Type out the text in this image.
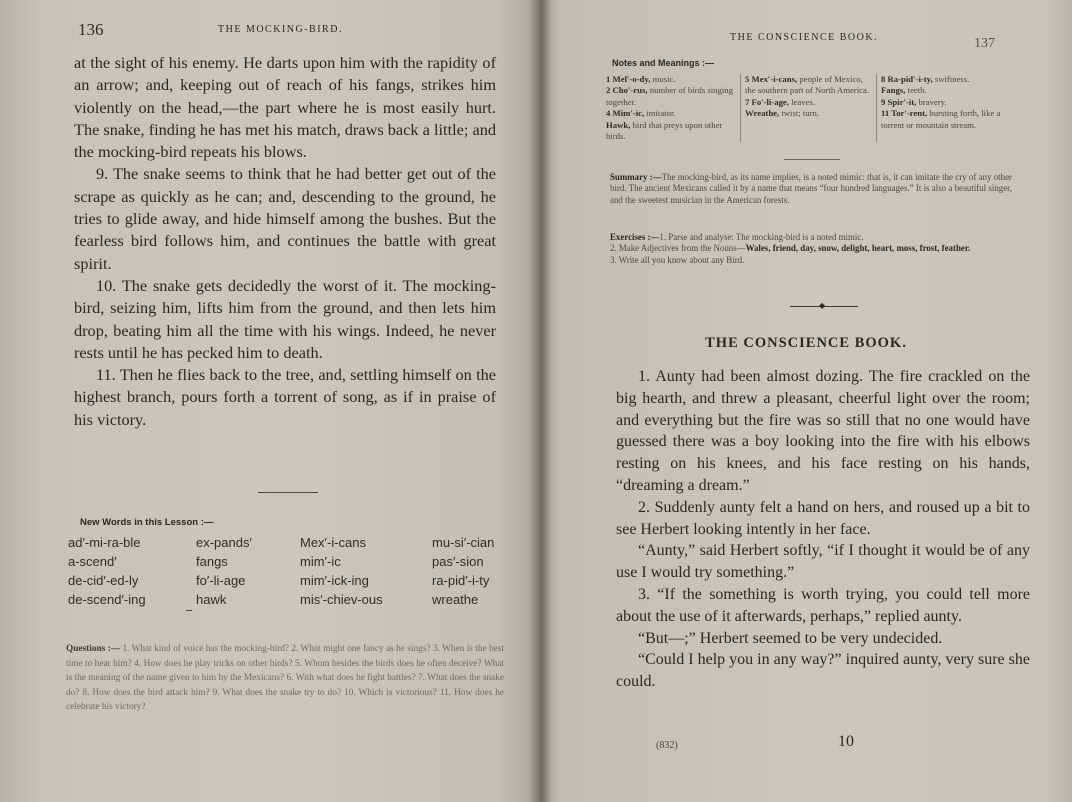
136	THE MOCKING-BIRD.

at the sight of his enemy. He darts upon him with the rapidity of an arrow; and, keeping out of reach of his fangs, strikes him violently on the head,—the part where he is most easily hurt. The snake, finding he has met his match, draws back a little; and the mocking-bird repeats his blows.

9. The snake seems to think that he had better get out of the scrape as quickly as he can; and, descending to the ground, he tries to glide away, and hide himself among the bushes. But the fearless bird follows him, and continues the battle with great spirit.

10. The snake gets decidedly the worst of it. The mocking-bird, seizing him, lifts him from the ground, and then lets him drop, beating him all the time with his wings. Indeed, he never rests until he has pecked him to death.

11. Then he flies back to the tree, and, settling himself on the highest branch, pours forth a torrent of song, as if in praise of his victory.

New Words in this Lesson :—
ad′-mi-ra-ble	ex-pands′	Mex′-i-cans	mu-si′-cian
a-scend′	fangs	mim′-ic	pas′-sion
de-cid′-ed-ly	fo′-li-age	mim′-ick-ing	ra-pid′-i-ty
de-scend′-ing	hawk	mis′-chiev-ous	wreathe
Questions :— 1. What kind of voice has the mocking-bird? 2. What might one fancy as he sings? 3. When is the best time to hear him? 4. How does he play tricks on other birds? 5. Whom besides the birds does he often deceive? What is the meaning of the name given to him by the Mexicans? 6. With what does he fight battles? 7. What does the snake do? 8. How does the bird attack him? 9. What does the snake try to do? 10. Which is victorious? 11. How does he celebrate his victory?
THE CONSCIENCE BOOK.	137
Notes and Meanings :—
1 Mel′-o-dy, music.
2 Cho′-rus, number of birds singing together.
4 Mim′-ic, imitator.
Hawk, bird that preys upon other birds.
5 Mex′-i-cans, people of Mexico, the southern part of North America.
7 Fo′-li-age, leaves.
Wreathe, twist; turn.
8 Ra-pid′-i-ty, swiftness.
Fangs, teeth.
9 Spir′-it, bravery.
11 Tor′-rent, bursting forth, like a torrent or mountain stream.
Summary :—The mocking-bird, as its name implies, is a noted mimic: that is, it can imitate the cry of any other bird. The ancient Mexicans called it by a name that means “four hundred languages.” It is also a beautiful singer, and the sweetest musician in the American forests.
Exercises :—1. Parse and analyse: The mocking-bird is a noted mimic.
2. Make Adjectives from the Nouns—Wales, friend, day, snow, delight, heart, moss, frost, feather.
3. Write all you know about any Bird.
◆
THE CONSCIENCE BOOK.

1. Aunty had been almost dozing. The fire crackled on the big hearth, and threw a pleasant, cheerful light over the room; and everything but the fire was so still that no one would have guessed there was a boy looking into the fire with his elbows resting on his knees, and his face resting on his hands, “dreaming a dream.”

2. Suddenly aunty felt a hand on hers, and roused up a bit to see Herbert looking intently in her face.

“Aunty,” said Herbert softly, “if I thought it would be of any use I would try something.”

3. “If the something is worth trying, you could tell more about the use of it afterwards, perhaps,” replied aunty.

“But—;” Herbert seemed to be very undecided.

“Could I help you in any way?” inquired aunty, very sure she could.

(832)	10
